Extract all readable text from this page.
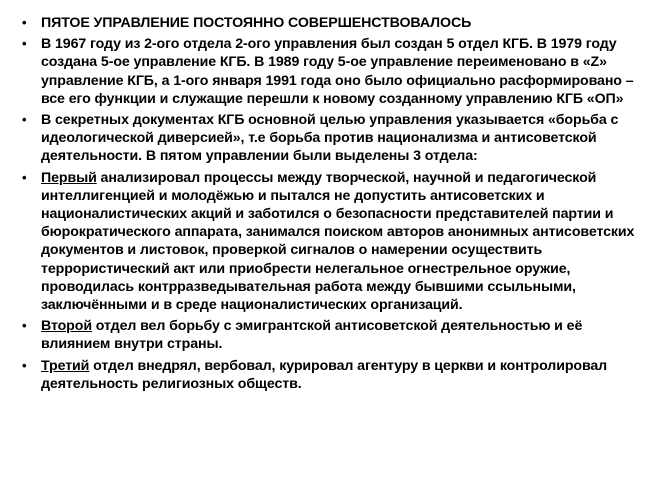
• ПЯТОЕ УПРАВЛЕНИЕ ПОСТОЯННО СОВЕРШЕНСТВОВАЛОСЬ
• В 1967 году из 2-ого отдела 2-ого управления был создан 5 отдел КГБ. В 1979 году создана 5-ое управление КГБ. В 1989 году 5-ое управление переименовано в «Z» управление КГБ, а 1-ого января 1991 года оно было официально расформировано – все его функции и служащие перешли к новому созданному управлению КГБ «ОП»
• В секретных документах КГБ основной целью управления указывается «борьба с идеологической диверсией», т.е борьба против национализма и антисоветской деятельности. В пятом управлении были выделены 3 отдела:
• Первый анализировал процессы между творческой, научной и педагогической интеллигенцией и молодёжью и пытался не допустить антисоветских и националистических акций и заботился о безопасности представителей партии и бюрократического аппарата, занимался поиском авторов анонимных антисоветских документов и листовок, проверкой сигналов о намерении осуществить террористический акт или приобрести нелегальное огнестрельное оружие, проводилась контрразведывательная работа между бывшими ссыльными, заключёнными и в среде националистических организаций.
• Второй отдел вел борьбу с эмигрантской антисоветской деятельностью и её влиянием внутри страны.
• Третий отдел внедрял, вербовал, курировал агентуру в церкви и контролировал деятельность религиозных обществ.
